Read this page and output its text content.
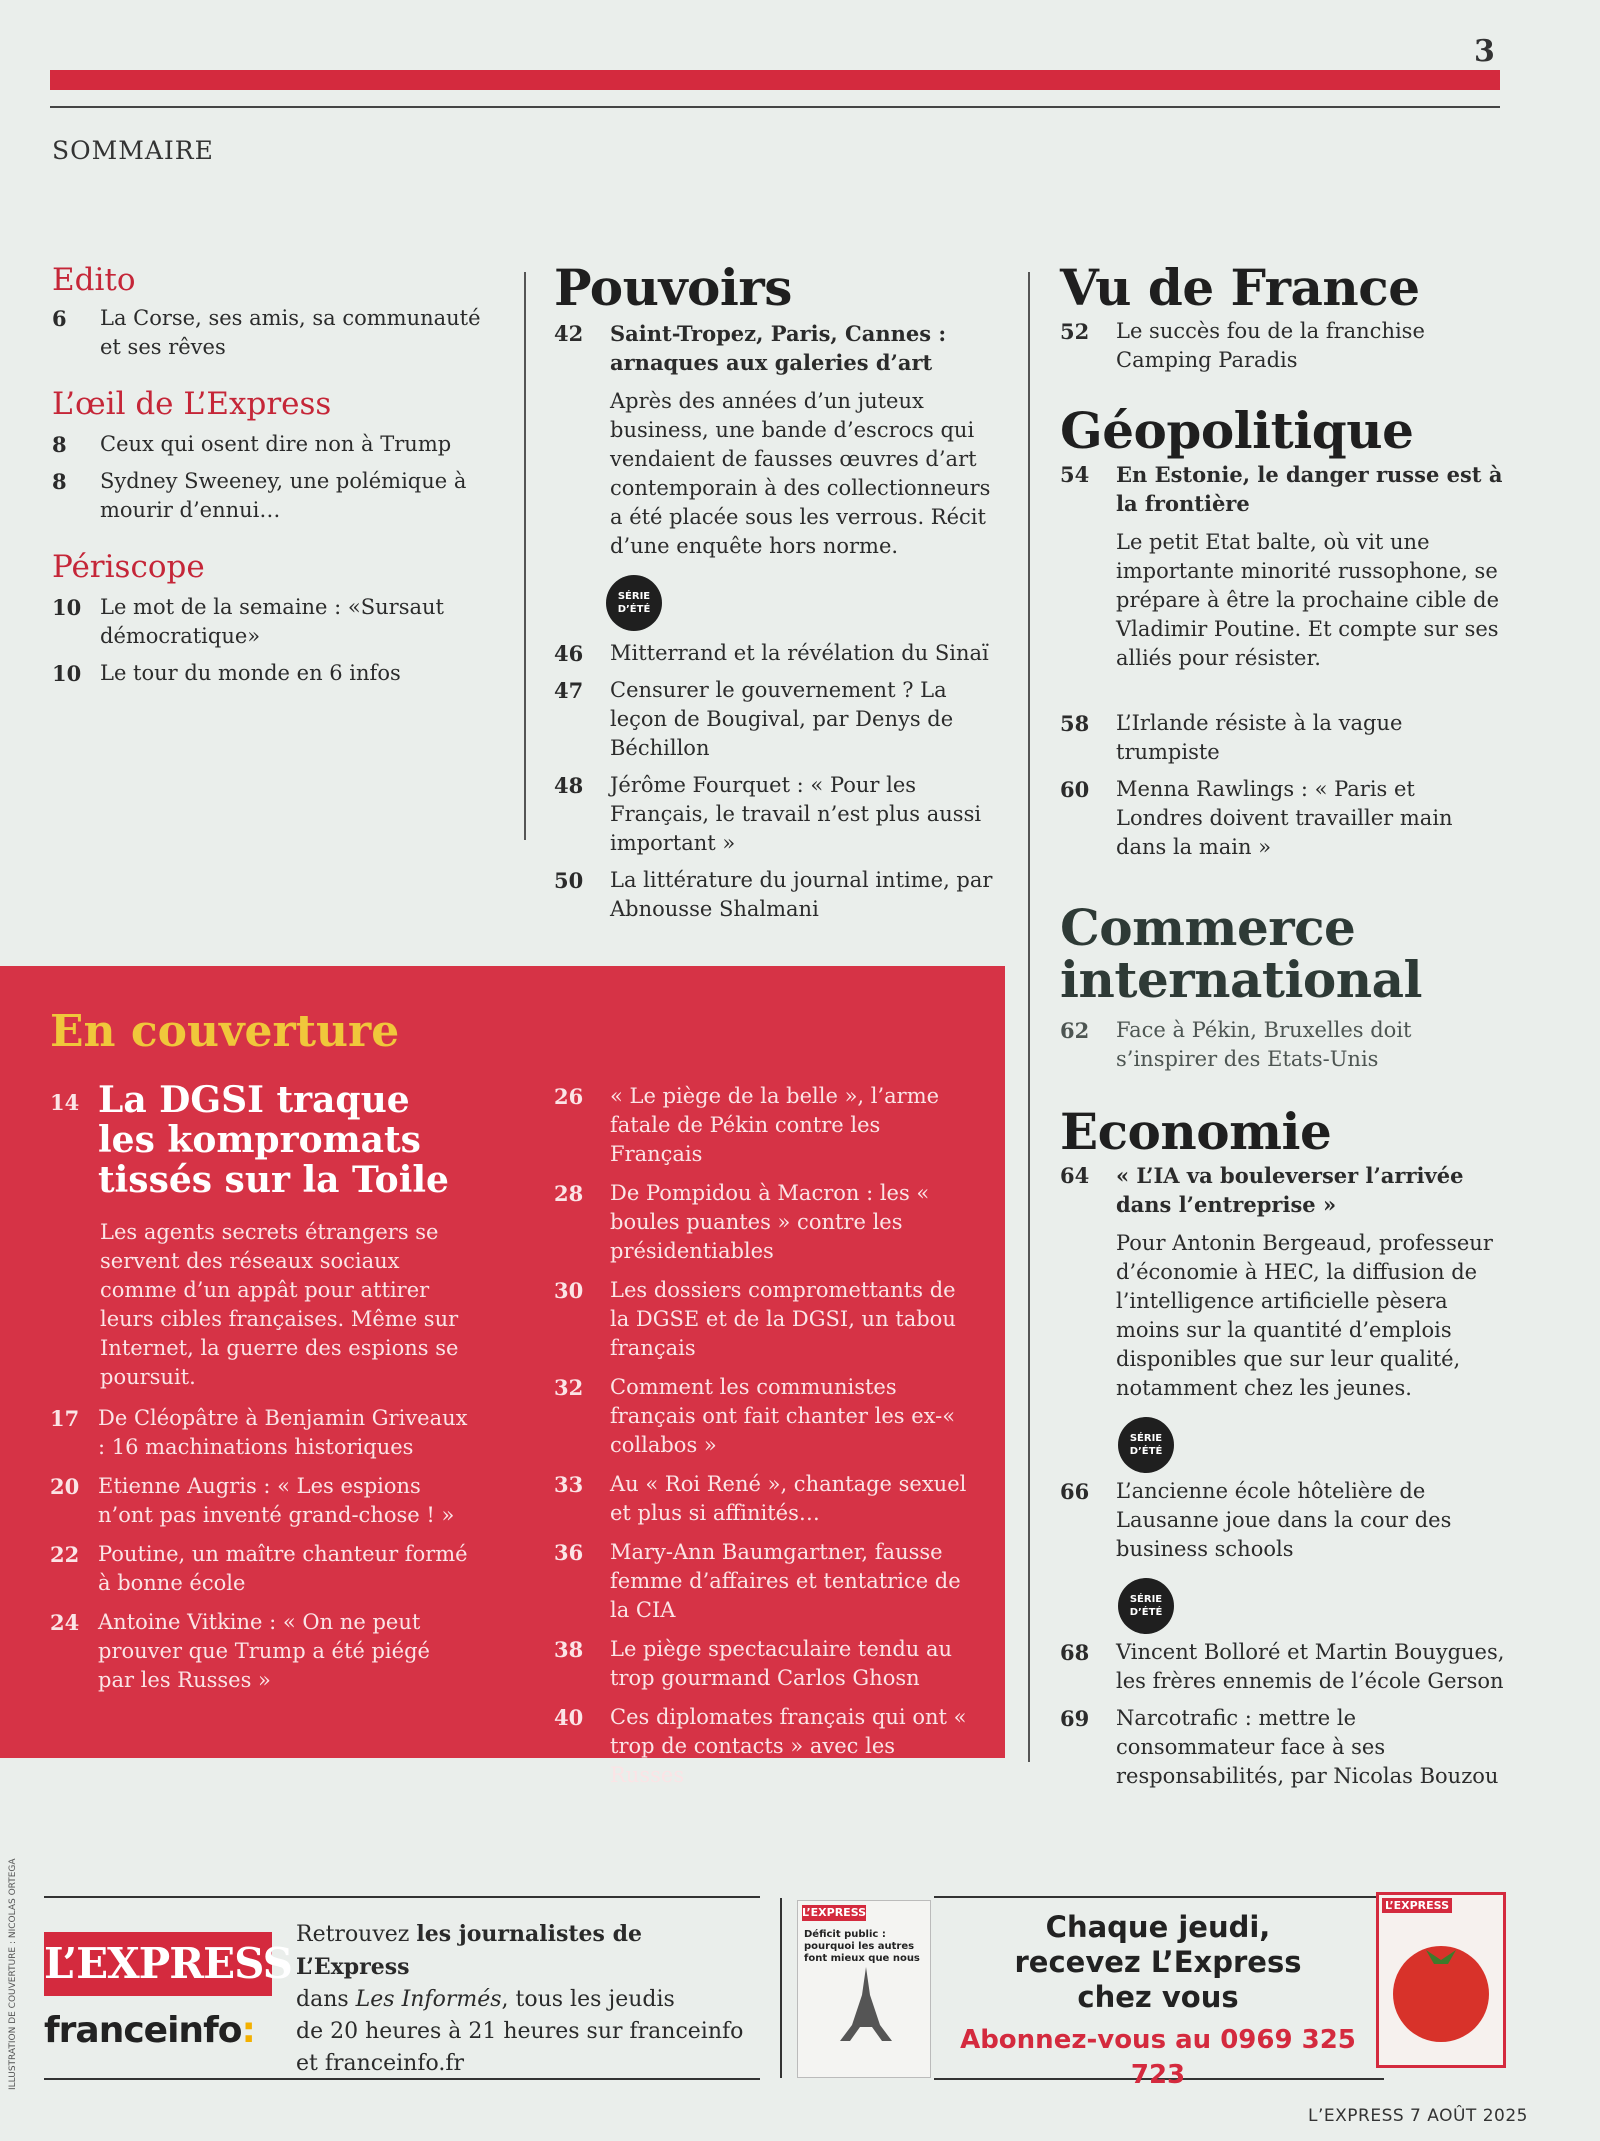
3
SOMMAIRE
Edito
6	La Corse, ses amis, sa communauté et ses rêves
L’œil de L’Express
8	Ceux qui osent dire non à Trump
8	Sydney Sweeney, une polémique à mourir d’ennui…
Périscope
10 Le mot de la semaine : «Sursaut démocratique»
10 Le tour du monde en 6 infos
Pouvoirs
42	Saint-Tropez, Paris, Cannes : arnaques aux galeries d’art
Après des années d’un juteux business, une bande d’escrocs qui vendaient de fausses œuvres d’art contemporain à des collectionneurs a été placée sous les verrous. Récit d’une enquête hors norme.
SÉRIE
D’ÉTÉ
46	Mitterrand et la révélation du Sinaï
47	Censurer le gouvernement ? La leçon de Bougival, par Denys de Béchillon
48	Jérôme Fourquet : « Pour les Français, le travail n’est plus aussi important »
50	La littérature du journal intime, par Abnousse Shalmani
Vu de France
52	Le succès fou de la franchise Camping Paradis
Géopolitique
54	En Estonie, le danger russe est à la frontière
Le petit Etat balte, où vit une importante minorité russophone, se prépare à être la prochaine cible de Vladimir Poutine. Et compte sur ses alliés pour résister.
58	L’Irlande résiste à la vague trumpiste
60	Menna Rawlings : « Paris et Londres doivent travailler main dans la main »
Commerce
international
62	Face à Pékin, Bruxelles doit s’inspirer des Etats-Unis
Economie
64	« L’IA va bouleverser l’arrivée dans l’entreprise »
Pour Antonin Bergeaud, professeur d’économie à HEC, la diffusion de l’intelligence artificielle pèsera moins sur la quantité d’emplois disponibles que sur leur qualité, notamment chez les jeunes.
SÉRIE
D’ÉTÉ
66	L’ancienne école hôtelière de Lausanne joue dans la cour des business schools
SÉRIE
D’ÉTÉ
68	Vincent Bolloré et Martin Bouygues, les frères ennemis de l’école Gerson
69	Narcotrafic : mettre le consommateur face à ses responsabilités, par Nicolas Bouzou
En couverture
14 La DGSI traque les kompromats tissés sur la Toile
Les agents secrets étrangers se servent des réseaux sociaux comme d’un appât pour attirer leurs cibles françaises. Même sur Internet, la guerre des espions se poursuit.
17 De Cléopâtre à Benjamin Griveaux : 16 machinations historiques
20 Etienne Augris : « Les espions n’ont pas inventé grand-chose ! »
22 Poutine, un maître chanteur formé à bonne école
24 Antoine Vitkine : « On ne peut prouver que Trump a été piégé par les Russes »
26	« Le piège de la belle », l’arme fatale de Pékin contre les Français
28	De Pompidou à Macron : les « boules puantes » contre les présidentiables
30	Les dossiers compromettants de la DGSE et de la DGSI, un tabou français
32	Comment les communistes français ont fait chanter les ex-« collabos »
33	Au « Roi René », chantage sexuel et plus si affinités…
36	Mary-Ann Baumgartner, fausse femme d’affaires et tentatrice de la CIA
38	Le piège spectaculaire tendu au trop gourmand Carlos Ghosn
40	Ces diplomates français qui ont « trop de contacts » avec les Russes
ILLUSTRATION DE COUVERTURE : NICOLAS ORTEGA L’EXPRESS
franceinfo:
Retrouvez les journalistes de L’Express
dans Les Informés, tous les jeudis
de 20 heures à 21 heures sur franceinfo
et franceinfo.fr
L’EXPRESS
Déficit public : pourquoi les autres font mieux que nous
Chaque jeudi,
recevez L’Express
chez vous
Abonnez-vous au 0969 325 723
L’EXPRESS
L’EXPRESS 7 AOÛT 2025
